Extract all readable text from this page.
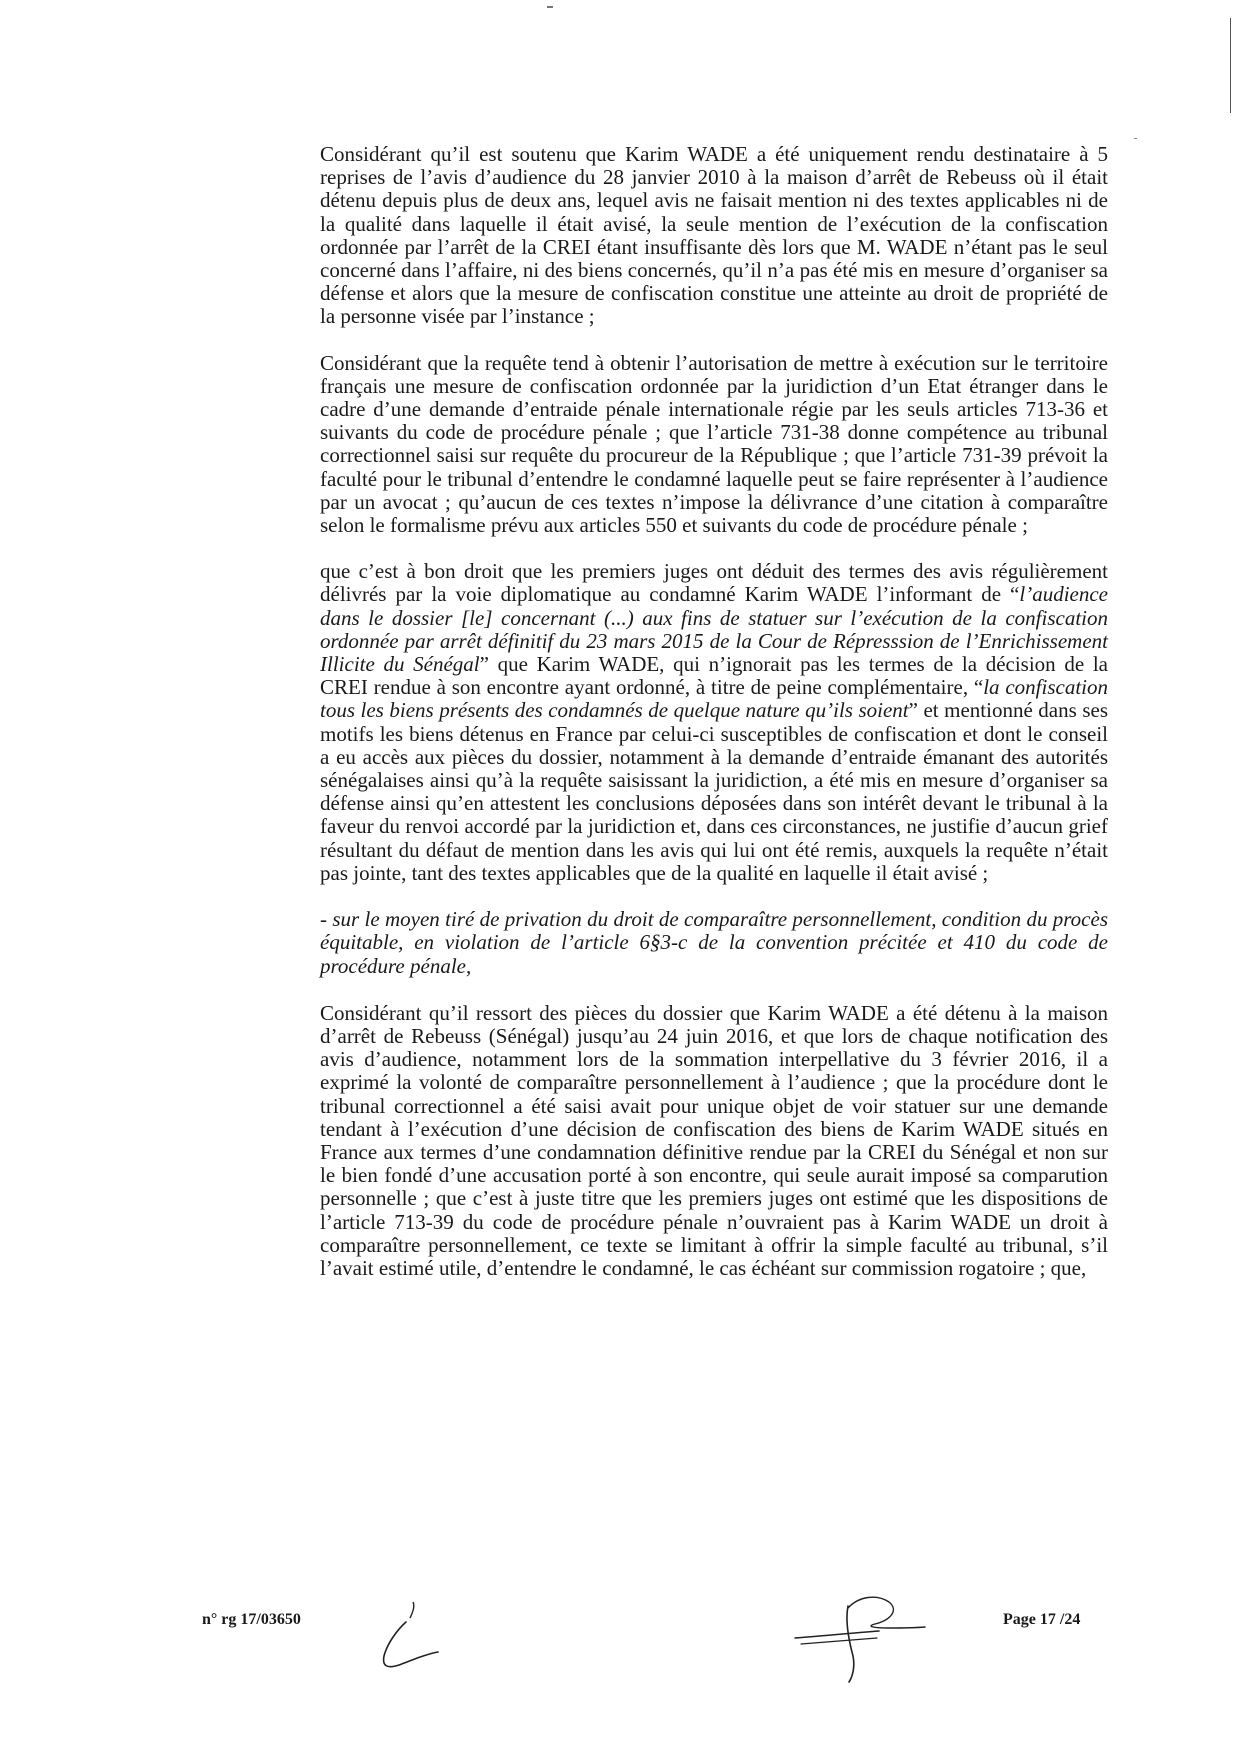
Considérant qu’il est soutenu que Karim WADE a été uniquement rendu destinataire à 5 reprises de l’avis d’audience du 28 janvier 2010 à la maison d’arrêt de Rebeuss où il était détenu depuis plus de deux ans, lequel avis ne faisait mention ni des textes applicables ni de la qualité dans laquelle il était avisé, la seule mention de l’exécution de la confiscation ordonnée par l’arrêt de la CREI étant insuffisante dès lors que M. WADE n’étant pas le seul concerné dans l’affaire, ni des biens concernés, qu’il n’a pas été mis en mesure d’organiser sa défense et alors que la mesure de confiscation constitue une atteinte au droit de propriété de la personne visée par l’instance ;

Considérant que la requête tend à obtenir l’autorisation de mettre à exécution sur le territoire français une mesure de confiscation ordonnée par la juridiction d’un Etat étranger dans le cadre d’une demande d’entraide pénale internationale régie par les seuls articles 713-36 et suivants du code de procédure pénale ; que l’article 731-38 donne compétence au tribunal correctionnel saisi sur requête du procureur de la République ; que l’article 731-39 prévoit la faculté pour le tribunal d’entendre le condamné laquelle peut se faire représenter à l’audience par un avocat ; qu’aucun de ces textes n’impose la délivrance d’une citation à comparaître selon le formalisme prévu aux articles 550 et suivants du code de procédure pénale ;

que c’est à bon droit que les premiers juges ont déduit des termes des avis régulièrement délivrés par la voie diplomatique au condamné Karim WADE l’informant de “l’audience dans le dossier [le] concernant (...) aux fins de statuer sur l’exécution de la confiscation ordonnée par arrêt définitif du 23 mars 2015 de la Cour de Répresssion de l’Enrichissement Illicite du Sénégal” que Karim WADE, qui n’ignorait pas les termes de la décision de la CREI rendue à son encontre ayant ordonné, à titre de peine complémentaire, “la confiscation tous les biens présents des condamnés de quelque nature qu’ils soient” et mentionné dans ses motifs les biens détenus en France par celui-ci susceptibles de confiscation et dont le conseil a eu accès aux pièces du dossier, notamment à la demande d’entraide émanant des autorités sénégalaises ainsi qu’à la requête saisissant la juridiction, a été mis en mesure d’organiser sa défense ainsi qu’en attestent les conclusions déposées dans son intérêt devant le tribunal à la faveur du renvoi accordé par la juridiction et, dans ces circonstances, ne justifie d’aucun grief résultant du défaut de mention dans les avis qui lui ont été remis, auxquels la requête n’était pas jointe, tant des textes applicables que de la qualité en laquelle il était avisé ;

- sur le moyen tiré de privation du droit de comparaître personnellement, condition du procès équitable, en violation de l’article 6§3-c de la convention précitée et 410 du code de procédure pénale,

Considérant qu’il ressort des pièces du dossier que Karim WADE a été détenu à la maison d’arrêt de Rebeuss (Sénégal) jusqu’au 24 juin 2016, et que lors de chaque notification des avis d’audience, notamment lors de la sommation interpellative du 3 février 2016, il a exprimé la volonté de comparaître personnellement à l’audience ; que la procédure dont le tribunal correctionnel a été saisi avait pour unique objet de voir statuer sur une demande tendant à l’exécution d’une décision de confiscation des biens de Karim WADE situés en France aux termes d’une condamnation définitive rendue par la CREI du Sénégal et non sur le bien fondé d’une accusation porté à son encontre, qui seule aurait imposé sa comparution personnelle ; que c’est à juste titre que les premiers juges ont estimé que les dispositions de l’article 713-39 du code de procédure pénale n’ouvraient pas à Karim WADE un droit à comparaître personnellement, ce texte se limitant à offrir la simple faculté au tribunal, s’il l’avait estimé utile, d’entendre le condamné, le cas échéant sur commission rogatoire ; que,

n° rg 17/03650	Page 17 /24
